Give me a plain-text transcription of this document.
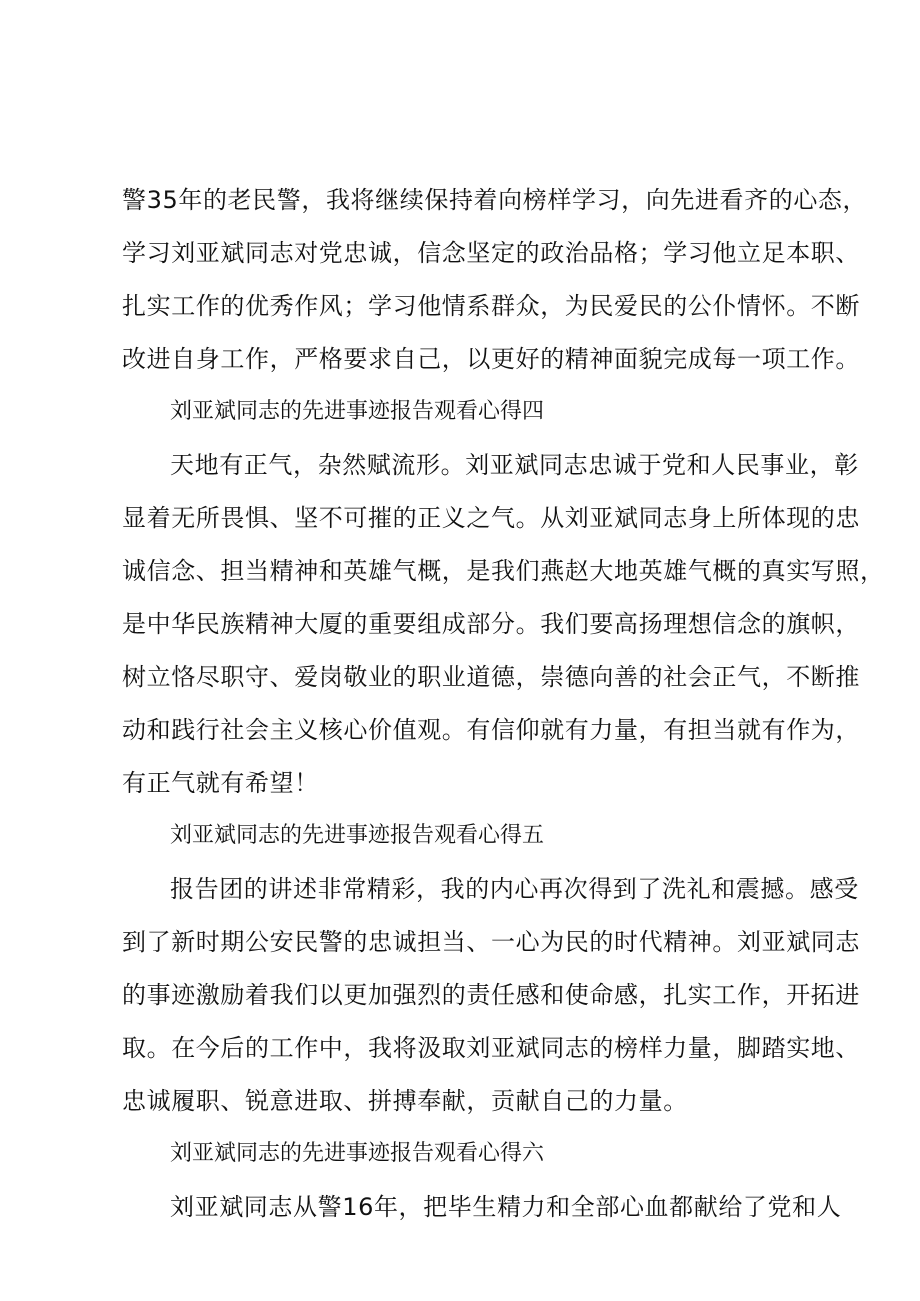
警35年的老民警，我将继续保持着向榜样学习，向先进看齐的心态，
学习刘亚斌同志对党忠诚，信念坚定的政治品格；学习他立足本职、
扎实工作的优秀作风；学习他情系群众，为民爱民的公仆情怀。不断
改进自身工作，严格要求自己，以更好的精神面貌完成每一项工作。
刘亚斌同志的先进事迹报告观看心得四
天地有正气，杂然赋流形。刘亚斌同志忠诚于党和人民事业，彰
显着无所畏惧、坚不可摧的正义之气。从刘亚斌同志身上所体现的忠
诚信念、担当精神和英雄气概，是我们燕赵大地英雄气概的真实写照，
是中华民族精神大厦的重要组成部分。我们要高扬理想信念的旗帜，
树立恪尽职守、爱岗敬业的职业道德，崇德向善的社会正气，不断推
动和践行社会主义核心价值观。有信仰就有力量，有担当就有作为，
有正气就有希望！
刘亚斌同志的先进事迹报告观看心得五
报告团的讲述非常精彩，我的内心再次得到了洗礼和震撼。感受
到了新时期公安民警的忠诚担当、一心为民的时代精神。刘亚斌同志
的事迹激励着我们以更加强烈的责任感和使命感，扎实工作，开拓进
取。在今后的工作中，我将汲取刘亚斌同志的榜样力量，脚踏实地、
忠诚履职、锐意进取、拼搏奉献，贡献自己的力量。
刘亚斌同志的先进事迹报告观看心得六
刘亚斌同志从警16年，把毕生精力和全部心血都献给了党和人
